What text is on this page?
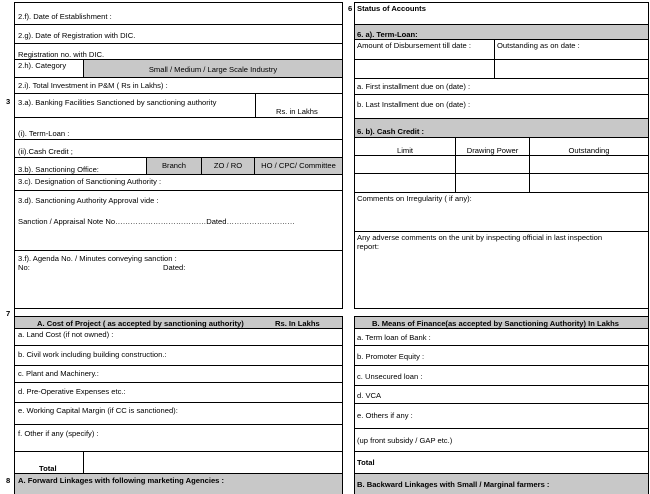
2.f). Date of Establishment :
2.g). Date of Registration with DIC.
Registration no. with DIC.
2.h). Category	Small / Medium / Large Scale Industry
2.i). Total Investment in P&M ( Rs in Lakhs) :
3 3.a). Banking Facilities Sanctioned by sanctioning authority
Rs. in Lakhs
(i). Term-Loan :
(ii).Cash Credit ;
3.b). Sanctioning Office:	Branch	ZO / RO	HO / CPC/ Committee
3.c). Designation of Sanctioning Authority :
3.d). Sanctioning Authority Approval vide :
Sanction / Appraisal Note No………………………………Dated………………………
3.f). Agenda No. / Minutes conveying sanction :
No:	Dated:
6 Status of Accounts
6. a). Term-Loan:
Amount of Disbursement till date :	Outstanding as on date :
a. First installment due on (date) :
b. Last Installment due on (date) :
6. b). Cash Credit :
Limit	Drawing Power	Outstanding
Comments on Irregularity ( if any):
Any adverse comments on the unit by inspecting official in last inspection
report:
7
A. Cost of Project ( as accepted by sanctioning authority)	Rs. In Lakhs
a. Land Cost (if not owned) :
b. Civil work including building construction.:
c. Plant and Machinery.:
d. Pre-Operative Expenses etc.:
e. Working Capital Margin (if CC is sanctioned):
f. Other if any (specify) :
Total
B. Means of Finance(as accepted by Sanctioning Authority) In Lakhs
a. Term loan of Bank :
b. Promoter Equity :
c. Unsecured loan :
d. VCA
e. Others if any :
(up front subsidy / GAP etc.)
Total
8 A. Forward Linkages with following marketing Agencies :	B. Backward Linkages with Small / Marginal farmers :
